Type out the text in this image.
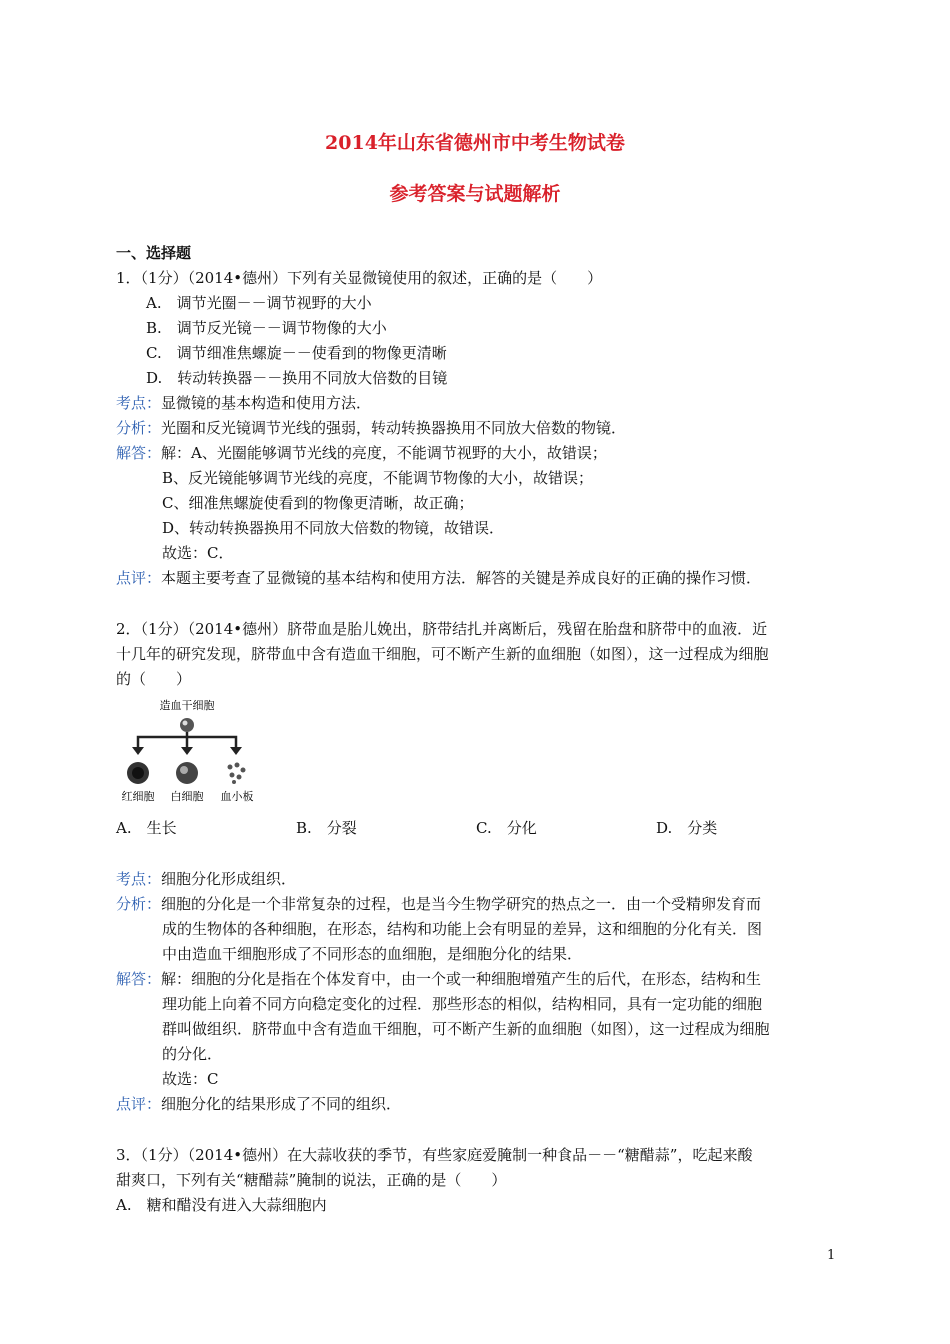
2014年山东省德州市中考生物试卷
参考答案与试题解析
一、选择题
1．（1分）（2014•德州）下列有关显微镜使用的叙述，正确的是（　　）
A.　调节光圈－－调节视野的大小
B.　调节反光镜－－调节物像的大小
C.　调节细准焦螺旋－－使看到的物像更清晰
D.　转动转换器－－换用不同放大倍数的目镜
考点：显微镜的基本构造和使用方法．
分析：光圈和反光镜调节光线的强弱，转动转换器换用不同放大倍数的物镜．
解答：解：A、光圈能够调节光线的亮度，不能调节视野的大小，故错误；
B、反光镜能够调节光线的亮度，不能调节物像的大小，故错误；
C、细准焦螺旋使看到的物像更清晰，故正确；
D、转动转换器换用不同放大倍数的物镜，故错误．
故选：C．
点评：本题主要考查了显微镜的基本结构和使用方法．解答的关键是养成良好的正确的操作习惯．
2．（1分）（2014•德州）脐带血是胎儿娩出，脐带结扎并离断后，残留在胎盘和脐带中的血液．近
十几年的研究发现，脐带血中含有造血干细胞，可不断产生新的血细胞（如图），这一过程成为细胞
的（　　）
造血干细胞
红细胞 白细胞 血小板
A.　生长	B.　分裂	C.　分化	D.　分类
考点：细胞分化形成组织．
分析：细胞的分化是一个非常复杂的过程，也是当今生物学研究的热点之一．由一个受精卵发育而
成的生物体的各种细胞，在形态，结构和功能上会有明显的差异，这和细胞的分化有关．图
中由造血干细胞形成了不同形态的血细胞，是细胞分化的结果．
解答：解：细胞的分化是指在个体发育中，由一个或一种细胞增殖产生的后代，在形态，结构和生
理功能上向着不同方向稳定变化的过程．那些形态的相似，结构相同，具有一定功能的细胞
群叫做组织．脐带血中含有造血干细胞，可不断产生新的血细胞（如图），这一过程成为细胞
的分化．
故选：C
点评：细胞分化的结果形成了不同的组织．
3．（1分）（2014•德州）在大蒜收获的季节，有些家庭爱腌制一种食品－－“糖醋蒜”，吃起来酸
甜爽口，下列有关“糖醋蒜”腌制的说法，正确的是（　　）
A.　糖和醋没有进入大蒜细胞内
1
